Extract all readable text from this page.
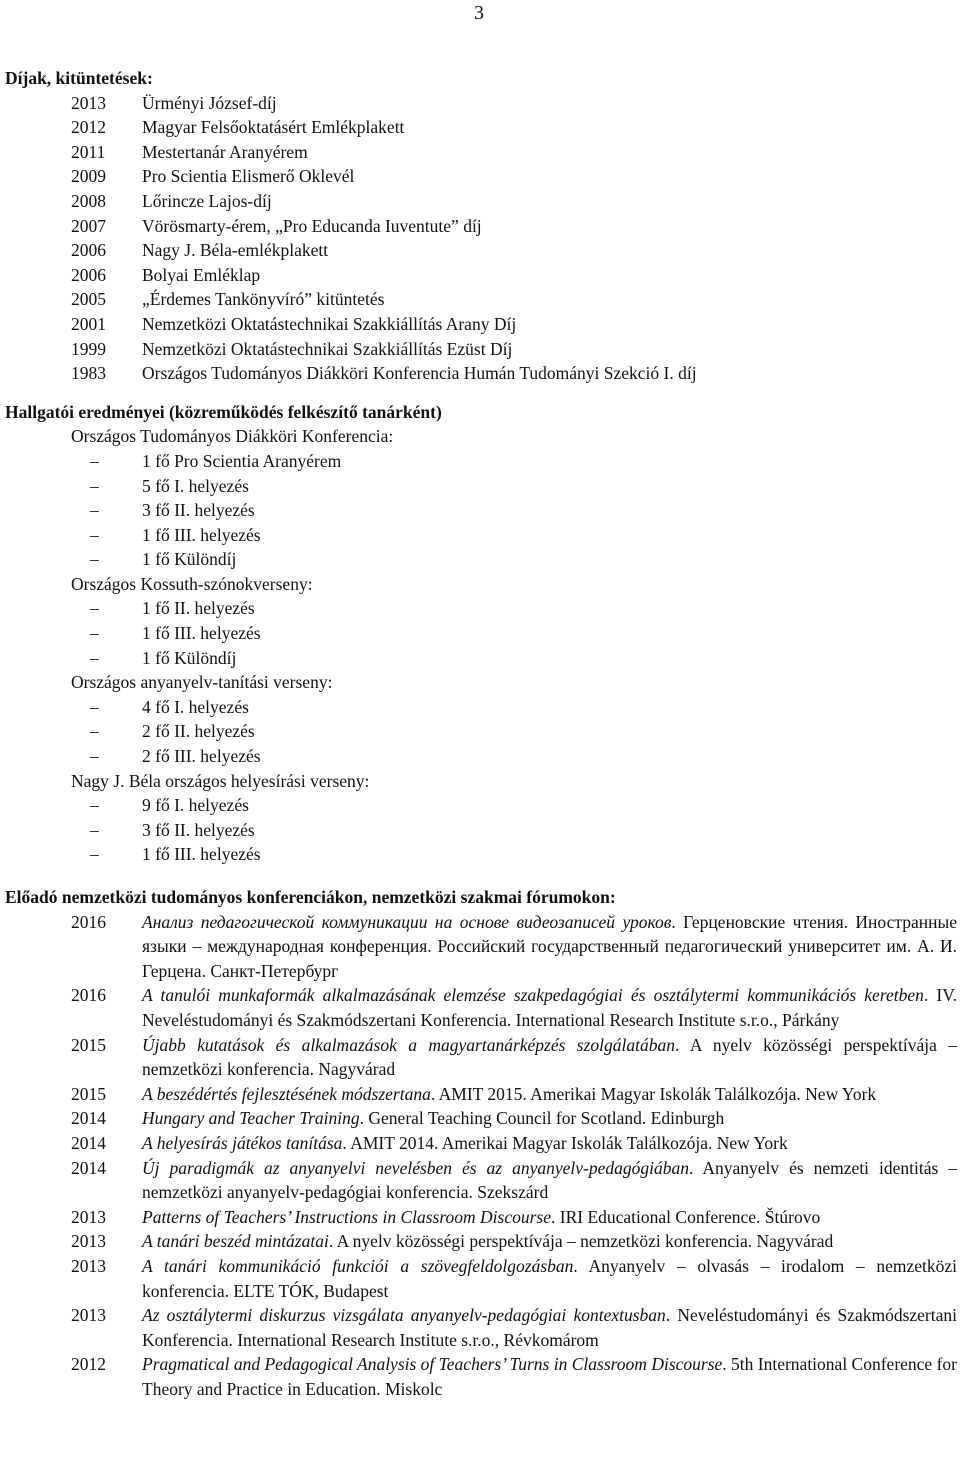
3
Díjak, kitüntetések:
2013	Ürményi József-díj
2012	Magyar Felsőoktatásért Emlékplakett
2011	Mestertanár Aranyérem
2009	Pro Scientia Elismerő Oklevél
2008	Lőrincze Lajos-díj
2007	Vörösmarty-érem, „Pro Educanda Iuventute” díj
2006	Nagy J. Béla-emlékplakett
2006	Bolyai Emléklap
2005	„Érdemes Tankönyvíró” kitüntetés
2001	Nemzetközi Oktatástechnikai Szakkiállítás Arany Díj
1999	Nemzetközi Oktatástechnikai Szakkiállítás Ezüst Díj
1983	Országos Tudományos Diákköri Konferencia Humán Tudományi Szekció I. díj
Hallgatói eredményei (közreműködés felkészítő tanárként)
Országos Tudományos Diákköri Konferencia:
–	1 fő Pro Scientia Aranyérem
–	5 fő I. helyezés
–	3 fő II. helyezés
–	1 fő III. helyezés
–	1 fő Különdíj
Országos Kossuth-szónokverseny:
–	1 fő II. helyezés
–	1 fő III. helyezés
–	1 fő Különdíj
Országos anyanyelv-tanítási verseny:
–	4 fő I. helyezés
–	2 fő II. helyezés
–	2 fő III. helyezés
Nagy J. Béla országos helyesírási verseny:
–	9 fő I. helyezés
–	3 fő II. helyezés
–	1 fő III. helyezés
Előadó nemzetközi tudományos konferenciákon, nemzetközi szakmai fórumokon:
2016	Анализ педагогической коммуникации на основе видеозаписей уроков. Герценовские чтения. Иностранные языки – международная конференция. Российский государственный педагогический университет им. А. И. Герцена. Санкт-Петербург
2016	A tanulói munkaformák alkalmazásának elemzése szakpedagógiai és osztálytermi kommunikációs keretben. IV. Neveléstudományi és Szakmódszertani Konferencia. International Research Institute s.r.o., Párkány
2015	Újabb kutatások és alkalmazások a magyartanárképzés szolgálatában. A nyelv közösségi perspektívája – nemzetközi konferencia. Nagyvárad
2015	A beszédértés fejlesztésének módszertana. AMIT 2015. Amerikai Magyar Iskolák Találkozója. New York
2014	Hungary and Teacher Training. General Teaching Council for Scotland. Edinburgh
2014	A helyesírás játékos tanítása. AMIT 2014. Amerikai Magyar Iskolák Találkozója. New York
2014	Új paradigmák az anyanyelvi nevelésben és az anyanyelv-pedagógiában. Anyanyelv és nemzeti identitás – nemzetközi anyanyelv-pedagógiai konferencia. Szekszárd
2013	Patterns of Teachers’ Instructions in Classroom Discourse. IRI Educational Conference. Štúrovo
2013	A tanári beszéd mintázatai. A nyelv közösségi perspektívája – nemzetközi konferencia. Nagyvárad
2013	A tanári kommunikáció funkciói a szövegfeldolgozásban. Anyanyelv – olvasás – irodalom – nemzetközi konferencia. ELTE TÓK, Budapest
2013	Az osztálytermi diskurzus vizsgálata anyanyelv-pedagógiai kontextusban. Neveléstudományi és Szakmódszertani Konferencia. International Research Institute s.r.o., Révkomárom
2012	Pragmatical and Pedagogical Analysis of Teachers’ Turns in Classroom Discourse. 5th International Conference for Theory and Practice in Education. Miskolc
